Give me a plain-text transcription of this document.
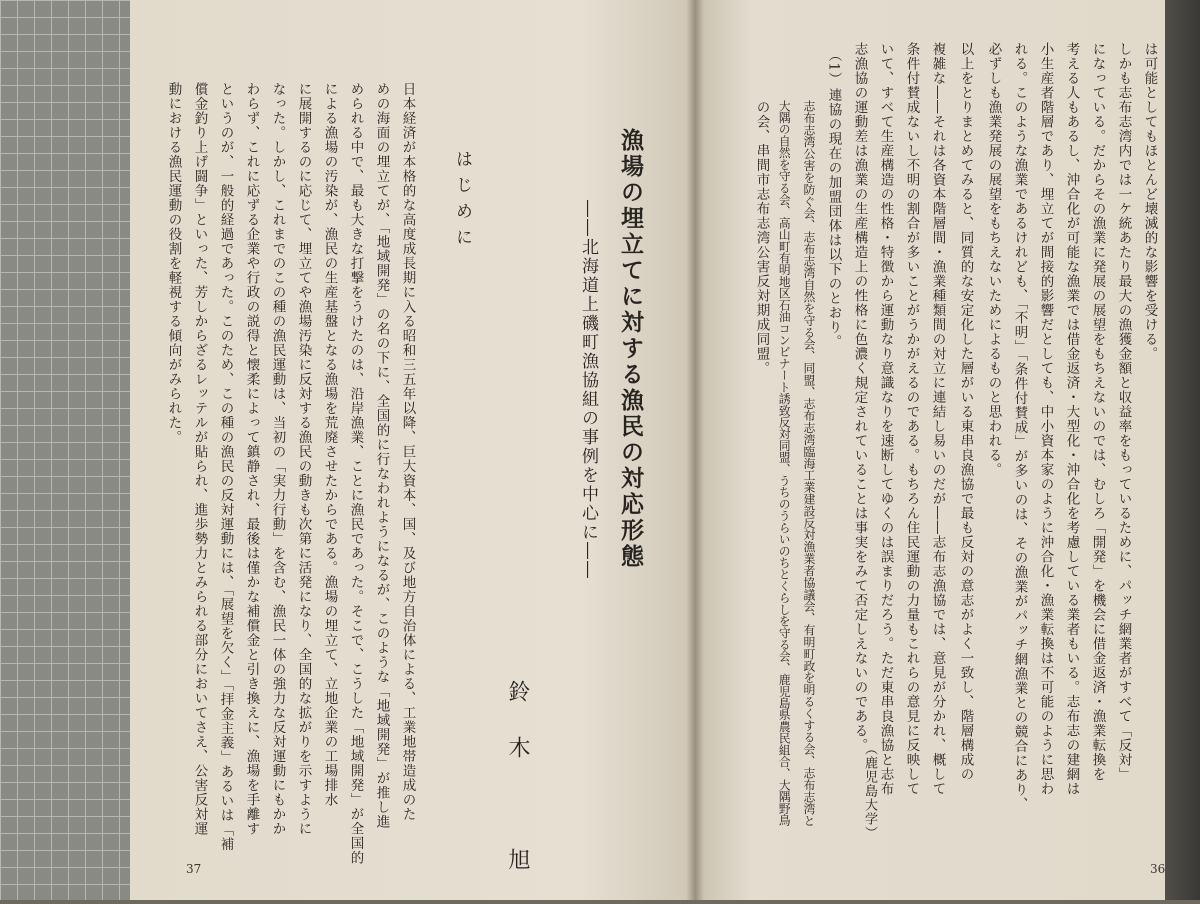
は可能としてもほとんど壊滅的な影響を受ける。
しかも志布志湾内では一ケ統あたり最大の漁獲金額と収益率をもっているために、パッチ網業者がすべて「反対」
になっている。だからその漁業に発展の展望をもちえないのでは、むしろ「開発」を機会に借金返済・漁業転換を
考える人もあるし、沖合化が可能な漁業では借金返済・大型化・沖合化を考慮している業者もいる。志布志の建網は
小生産者階層であり、埋立てが間接的影響だとしても、中小資本家のように沖合化・漁業転換は不可能のように思わ
れる。このような漁業であるけれども、「不明」「条件付賛成」が多いのは、その漁業がパッチ網漁業との競合にあり、
必ずしも漁業発展の展望をもちえないためによるものと思われる。
以上をとりまとめてみると、同質的な安定化した層がいる東串良漁協で最も反対の意志がよく一致し、階層構成の
複雑な――それは各資本階層間・漁業種類間の対立に連結し易いのだが――志布志漁協では、意見が分かれ、概して
条件付賛成ないし不明の割合が多いことがうかがえるのである。もちろん住民運動の力量もこれらの意見に反映して
いて、すべて生産構造の性格・特徴から運動なり意識なりを速断してゆくのは誤まりだろう。ただ東串良漁協と志布
志漁協の運動差は漁業の生産構造上の性格に色濃く規定されていることは事実をみて否定しえないのである。
（鹿児島大学）
（1）
連協の現在の加盟団体は以下のとおり。
志布志湾公害を防ぐ会、志布志湾自然を守る会、同盟、志布志湾臨海工業建設反対漁業者協議会、有明町政を明るくする会、志布志湾と
大隅の自然を守る会、高山町有明地区石油コンビナート誘致反対同盟、うちのうらいのちとくらしを守る会、鹿児島県農民組合、大隅野鳥
の会、串間市志布志湾公害反対期成同盟。
36
漁場の埋立てに対する漁民の対応形態
――北海道上磯町漁協組の事例を中心に――
鈴木　旭
はじめに
日本経済が本格的な高度成長期に入る昭和三五年以降、巨大資本、国、及び地方自治体による、工業地帯造成のた
めの海面の埋立てが、「地域開発」の名の下に、全国的に行なわれようになるが、このような「地域開発」が推し進
められる中で、最も大きな打撃をうけたのは、沿岸漁業、ことに漁民であった。そこで、こうした「地域開発」が全国的
による漁場の汚染が、漁民の生産基盤となる漁場を荒廃させたからである。漁場の埋立て、立地企業の工場排水
に展開するのに応じて、埋立てや漁場汚染に反対する漁民の動きも次第に活発になり、全国的な拡がりを示すように
なった。しかし、これまでのこの種の漁民運動は、当初の「実力行動」を含む、漁民一体の強力な反対運動にもかか
わらず、これに応ずる企業や行政の説得と懐柔によって鎮静され、最後は僅かな補償金と引き換えに、漁場を手離す
というのが、一般的経過であった。このため、この種の漁民の反対運動には、「展望を欠く」「拝金主義」あるいは「補
償金釣り上げ闘争」といった、芳しからざるレッテルが貼られ、進歩勢力とみられる部分においてさえ、公害反対運
動における漁民運動の役割を軽視する傾向がみられた。
37
